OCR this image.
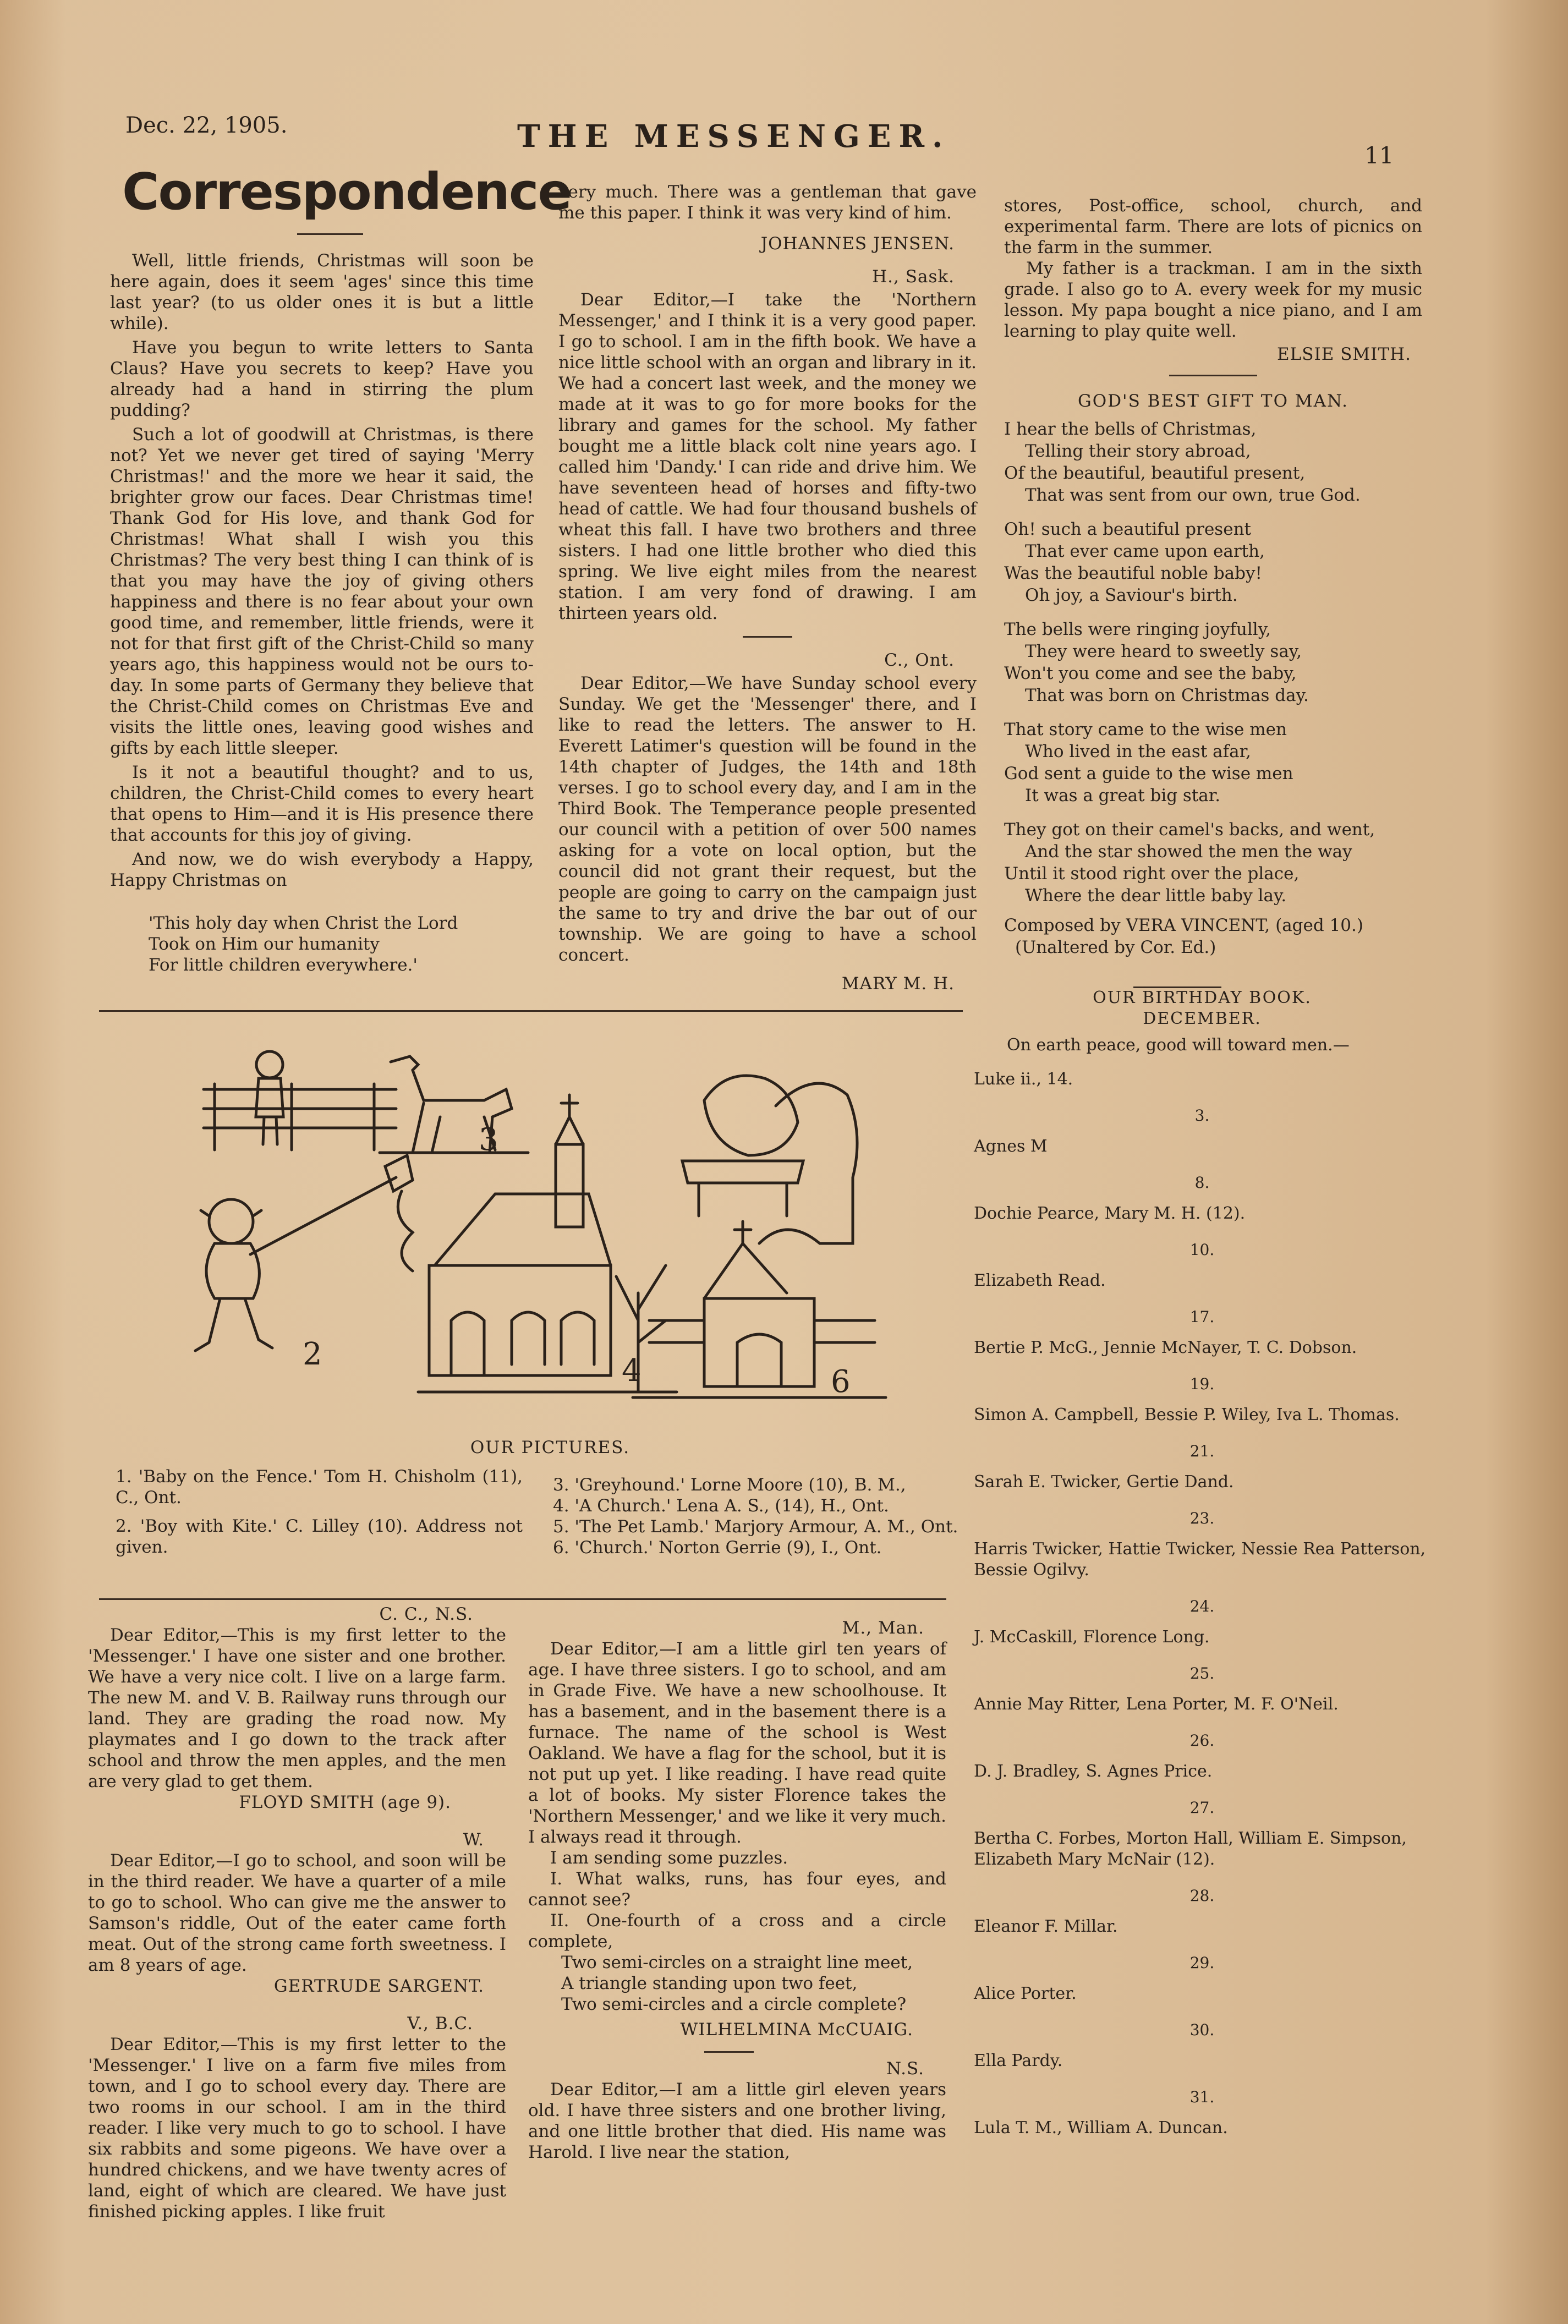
Dec. 22, 1905.	THE MESSENGER.
11
Correspondence

Well, little friends, Christmas will soon be here again, does it seem 'ages' since this time last year? (to us older ones it is but a little while).

Have you begun to write letters to Santa Claus? Have you secrets to keep? Have you already had a hand in stirring the plum pudding?

Such a lot of goodwill at Christmas, is there not? Yet we never get tired of saying 'Merry Christmas!' and the more we hear it said, the brighter grow our faces. Dear Christmas time! Thank God for His love, and thank God for Christmas! What shall I wish you this Christmas? The very best thing I can think of is that you may have the joy of giving others happiness and there is no fear about your own good time, and remember, little friends, were it not for that first gift of the Christ-Child so many years ago, this happiness would not be ours to-day. In some parts of Germany they believe that the Christ-Child comes on Christmas Eve and visits the little ones, leaving good wishes and gifts by each little sleeper.

Is it not a beautiful thought? and to us, children, the Christ-Child comes to every heart that opens to Him—and it is His presence there that accounts for this joy of giving.

And now, we do wish everybody a Happy, Happy Christmas on

'This holy day when Christ the Lord
Took on Him our humanity
For little children everywhere.'
very much. There was a gentleman that gave me this paper. I think it was very kind of him.
JOHANNES JENSEN.
H., Sask.

Dear Editor,—I take the 'Northern Messenger,' and I think it is a very good paper. I go to school. I am in the fifth book. We have a nice little school with an organ and library in it. We had a concert last week, and the money we made at it was to go for more books for the library and games for the school. My father bought me a little black colt nine years ago. I called him 'Dandy.' I can ride and drive him. We have seventeen head of horses and fifty-two head of cattle. We had four thousand bushels of wheat this fall. I have two brothers and three sisters. I had one little brother who died this spring. We live eight miles from the nearest station. I am very fond of drawing. I am thirteen years old.

C., Ont.

Dear Editor,—We have Sunday school every Sunday. We get the 'Messenger' there, and I like to read the letters. The answer to H. Everett Latimer's question will be found in the 14th chapter of Judges, the 14th and 18th verses. I go to school every day, and I am in the Third Book. The Temperance people presented our council with a petition of over 500 names asking for a vote on local option, but the council did not grant their request, but the people are going to carry on the campaign just the same to try and drive the bar out of our township. We are going to have a school concert.

MARY M. H.
stores, Post-office, school, church, and experimental farm. There are lots of picnics on the farm in the summer.

My father is a trackman. I am in the sixth grade. I also go to A. every week for my music lesson. My papa bought a nice piano, and I am learning to play quite well.

ELSIE SMITH.
GOD'S BEST GIFT TO MAN.
I hear the bells of Christmas,
Telling their story abroad,
Of the beautiful, beautiful present,
That was sent from our own, true God.
Oh! such a beautiful present
That ever came upon earth,
Was the beautiful noble baby!
Oh joy, a Saviour's birth.
The bells were ringing joyfully,
They were heard to sweetly say,
Won't you come and see the baby,
That was born on Christmas day.
That story came to the wise men
Who lived in the east afar,
God sent a guide to the wise men
It was a great big star.
They got on their camel's backs, and went,
And the star showed the men the way
Until it stood right over the place,
Where the dear little baby lay.
Composed by VERA VINCENT, (aged 10.)
(Unaltered by Cor. Ed.)
3
2	4	6
OUR PICTURES.
1. 'Baby on the Fence.' Tom H. Chisholm (11), C., Ont.
2. 'Boy with Kite.' C. Lilley (10). Address not given.
3. 'Greyhound.' Lorne Moore (10), B. M.,
4. 'A Church.' Lena A. S., (14), H., Ont.
5. 'The Pet Lamb.' Marjory Armour, A. M., Ont.
6. 'Church.' Norton Gerrie (9), I., Ont.
OUR BIRTHDAY BOOK.
DECEMBER.
On earth peace, good will toward men.—
Luke ii., 14.
3.
Agnes M
8.
Dochie Pearce, Mary M. H. (12).
10.
Elizabeth Read.
17.
Bertie P. McG., Jennie McNayer, T. C. Dobson.
19.
Simon A. Campbell, Bessie P. Wiley, Iva L. Thomas.
21.
Sarah E. Twicker, Gertie Dand.
23.
Harris Twicker, Hattie Twicker, Nessie Rea Patterson, Bessie Ogilvy.
24.
J. McCaskill, Florence Long.
25.
Annie May Ritter, Lena Porter, M. F. O'Neil.
26.
D. J. Bradley, S. Agnes Price.
27.
Bertha C. Forbes, Morton Hall, William E. Simpson, Elizabeth Mary McNair (12).
28.
Eleanor F. Millar.
29.
Alice Porter.
30.
Ella Pardy.
31.
Lula T. M., William A. Duncan.
C. C., N.S.

Dear Editor,—This is my first letter to the 'Messenger.' I have one sister and one brother. We have a very nice colt. I live on a large farm. The new M. and V. B. Railway runs through our land. They are grading the road now. My playmates and I go down to the track after school and throw the men apples, and the men are very glad to get them.

FLOYD SMITH (age 9).
W.

Dear Editor,—I go to school, and soon will be in the third reader. We have a quarter of a mile to go to school. Who can give me the answer to Samson's riddle, Out of the eater came forth meat. Out of the strong came forth sweetness. I am 8 years of age.

GERTRUDE SARGENT.
V., B.C.

Dear Editor,—This is my first letter to the 'Messenger.' I live on a farm five miles from town, and I go to school every day. There are two rooms in our school. I am in the third reader. I like very much to go to school. I have six rabbits and some pigeons. We have over a hundred chickens, and we have twenty acres of land, eight of which are cleared. We have just finished picking apples. I like fruit

M., Man.

Dear Editor,—I am a little girl ten years of age. I have three sisters. I go to school, and am in Grade Five. We have a new schoolhouse. It has a basement, and in the basement there is a furnace. The name of the school is West Oakland. We have a flag for the school, but it is not put up yet. I like reading. I have read quite a lot of books. My sister Florence takes the 'Northern Messenger,' and we like it very much. I always read it through.

I am sending some puzzles.

I. What walks, runs, has four eyes, and cannot see?

II. One-fourth of a cross and a circle complete,

Two semi-circles on a straight line meet,
A triangle standing upon two feet,
Two semi-circles and a circle complete?
WILHELMINA McCUAIG.
N.S.

Dear Editor,—I am a little girl eleven years old. I have three sisters and one brother living, and one little brother that died. His name was Harold. I live near the station,
